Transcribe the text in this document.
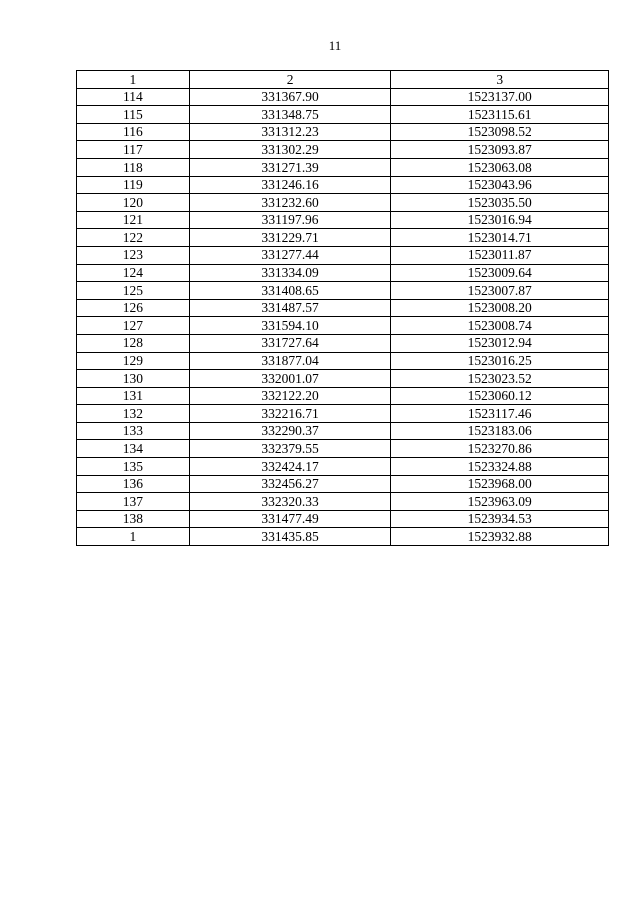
11
1	2	3
114	331367.90	1523137.00
115	331348.75	1523115.61
116	331312.23	1523098.52
117	331302.29	1523093.87
118	331271.39	1523063.08
119	331246.16	1523043.96
120	331232.60	1523035.50
121	331197.96	1523016.94
122	331229.71	1523014.71
123	331277.44	1523011.87
124	331334.09	1523009.64
125	331408.65	1523007.87
126	331487.57	1523008.20
127	331594.10	1523008.74
128	331727.64	1523012.94
129	331877.04	1523016.25
130	332001.07	1523023.52
131	332122.20	1523060.12
132	332216.71	1523117.46
133	332290.37	1523183.06
134	332379.55	1523270.86
135	332424.17	1523324.88
136	332456.27	1523968.00
137	332320.33	1523963.09
138	331477.49	1523934.53
1	331435.85	1523932.88
